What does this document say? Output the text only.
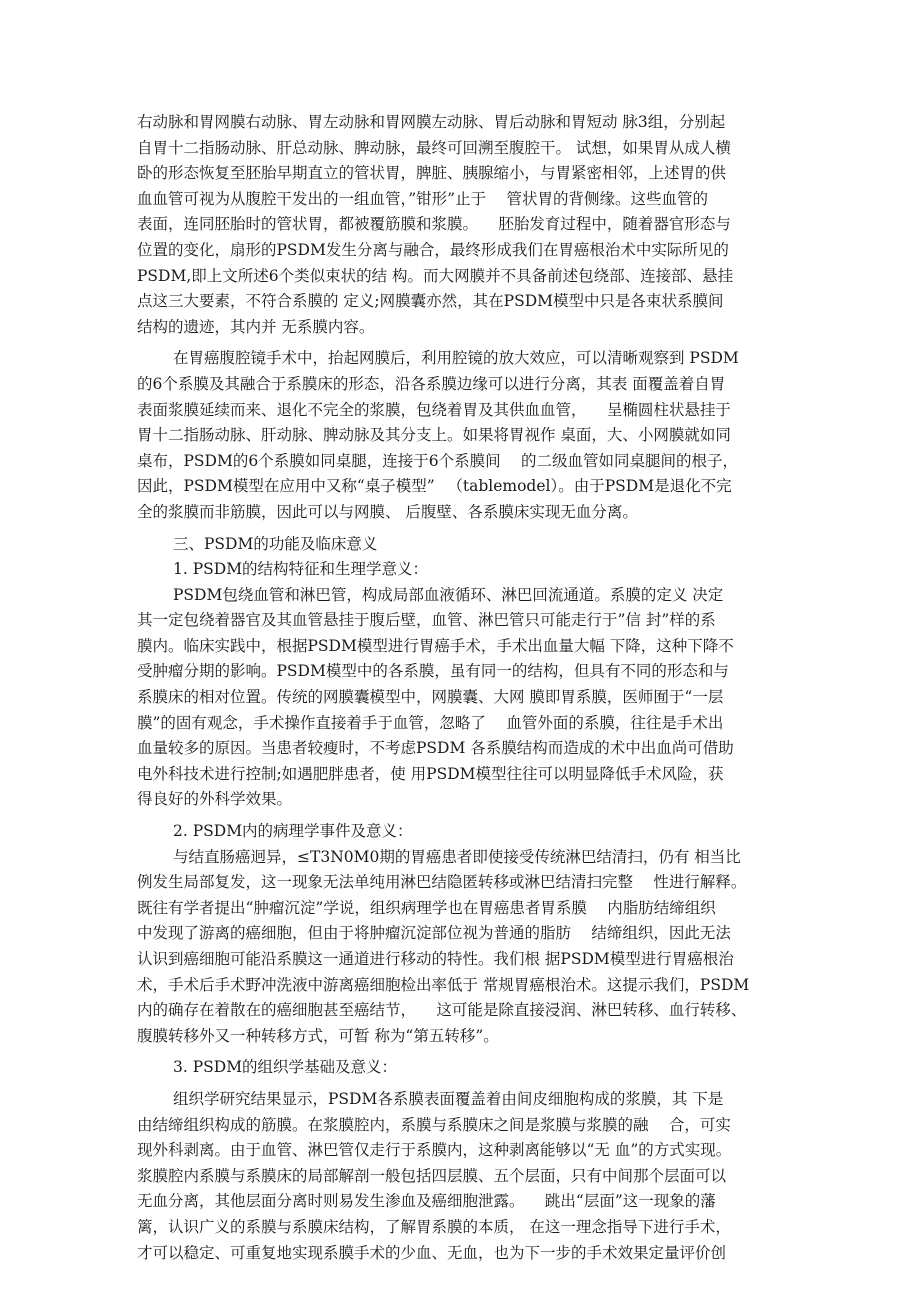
右动脉和胃网膜右动脉、胃左动脉和胃网膜左动脉、胃后动脉和胃短动 脉3组，分别起
自胃十二指肠动脉、肝总动脉、脾动脉，最终可回溯至腹腔干。 试想，如果胃从成人横
卧的形态恢复至胚胎早期直立的管状胃，脾脏、胰腺缩小，与胃紧密相邻，上述胃的供
血血管可视为从腹腔干发出的一组血管，”钳形”止于 　管状胃的背侧缘。这些血管的
表面，连同胚胎时的管状胃，都被覆筋膜和浆膜。 　胚胎发育过程中，随着器官形态与
位置的变化，扇形的PSDM发生分离与融合，最终形成我们在胃癌根治术中实际所见的
PSDM,即上文所述6个类似束状的结 构。而大网膜并不具备前述包绕部、连接部、悬挂
点这三大要素，不符合系膜的 定义;网膜囊亦然，其在PSDM模型中只是各束状系膜间
结构的遗迹，其内并 无系膜内容。
在胃癌腹腔镜手术中，抬起网膜后，利用腔镜的放大效应，可以清晰观察到 PSDM
的6个系膜及其融合于系膜床的形态，沿各系膜边缘可以进行分离，其表 面覆盖着自胃
表面浆膜延续而来、退化不完全的浆膜，包绕着胃及其供血血管， 　呈椭圆柱状悬挂于
胃十二指肠动脉、肝动脉、脾动脉及其分支上。如果将胃视作 桌面，大、小网膜就如同
桌布，PSDM的6个系膜如同桌腿，连接于6个系膜间 　的二级血管如同桌腿间的根子，
因此，PSDM模型在应用中又称“桌子模型” 　（tablemodel）。由于PSDM是退化不完
全的浆膜而非筋膜，因此可以与网膜、 后腹壁、各系膜床实现无血分离。
三、PSDM的功能及临床意义
1. PSDM的结构特征和生理学意义：
PSDM包绕血管和淋巴管，构成局部血液循环、淋巴回流通道。系膜的定义 决定
其一定包绕着器官及其血管悬挂于腹后壁，血管、淋巴管只可能走行于”信 封”样的系
膜内。临床实践中，根据PSDM模型进行胃癌手术，手术出血量大幅 下降，这种下降不
受肿瘤分期的影响。PSDM模型中的各系膜，虽有同一的结构，但具有不同的形态和与
系膜床的相对位置。传统的网膜囊模型中，网膜囊、大网 膜即胃系膜，医师囿于“一层
膜”的固有观念，手术操作直接着手于血管，忽略了 　血管外面的系膜，往往是手术出
血量较多的原因。当患者较瘦时，不考虑PSDM 各系膜结构而造成的术中出血尚可借助
电外科技术进行控制;如遇肥胖患者，使 用PSDM模型往往可以明显降低手术风险，获
得良好的外科学效果。
2. PSDM内的病理学事件及意义：
与结直肠癌迥异，≤T3N0M0期的胃癌患者即使接受传统淋巴结清扫，仍有 相当比
例发生局部复发，这一现象无法单纯用淋巴结隐匿转移或淋巴结清扫完整 　性进行解释。
既往有学者提出“肿瘤沉淀”学说，组织病理学也在胃癌患者胃系膜 　内脂肪结缔组织
中发现了游离的癌细胞，但由于将肿瘤沉淀部位视为普通的脂肪 　结缔组织，因此无法
认识到癌细胞可能沿系膜这一通道进行移动的特性。我们根 据PSDM模型进行胃癌根治
术，手术后手术野冲洗液中游离癌细胞检出率低于 常规胃癌根治术。这提示我们，PSDM
内的确存在着散在的癌细胞甚至癌结节， 　这可能是除直接浸润、淋巴转移、血行转移、
腹膜转移外又一种转移方式，可暂 称为“第五转移”。
3. PSDM的组织学基础及意义：
组织学研究结果显示，PSDM各系膜表面覆盖着由间皮细胞构成的浆膜，其 下是
由结缔组织构成的筋膜。在浆膜腔内，系膜与系膜床之间是浆膜与浆膜的融 　合，可实
现外科剥离。由于血管、淋巴管仅走行于系膜内，这种剥离能够以“无 血”的方式实现。
浆膜腔内系膜与系膜床的局部解剖一般包括四层膜、五个层面，只有中间那个层面可以
无血分离，其他层面分离时则易发生渗血及癌细胞泄露。 　跳出“层面”这一现象的藩
篱，认识广义的系膜与系膜床结构，了解胃系膜的本质， 在这一理念指导下进行手术，
才可以稳定、可重复地实现系膜手术的少血、无血，也为下一步的手术效果定量评价创
